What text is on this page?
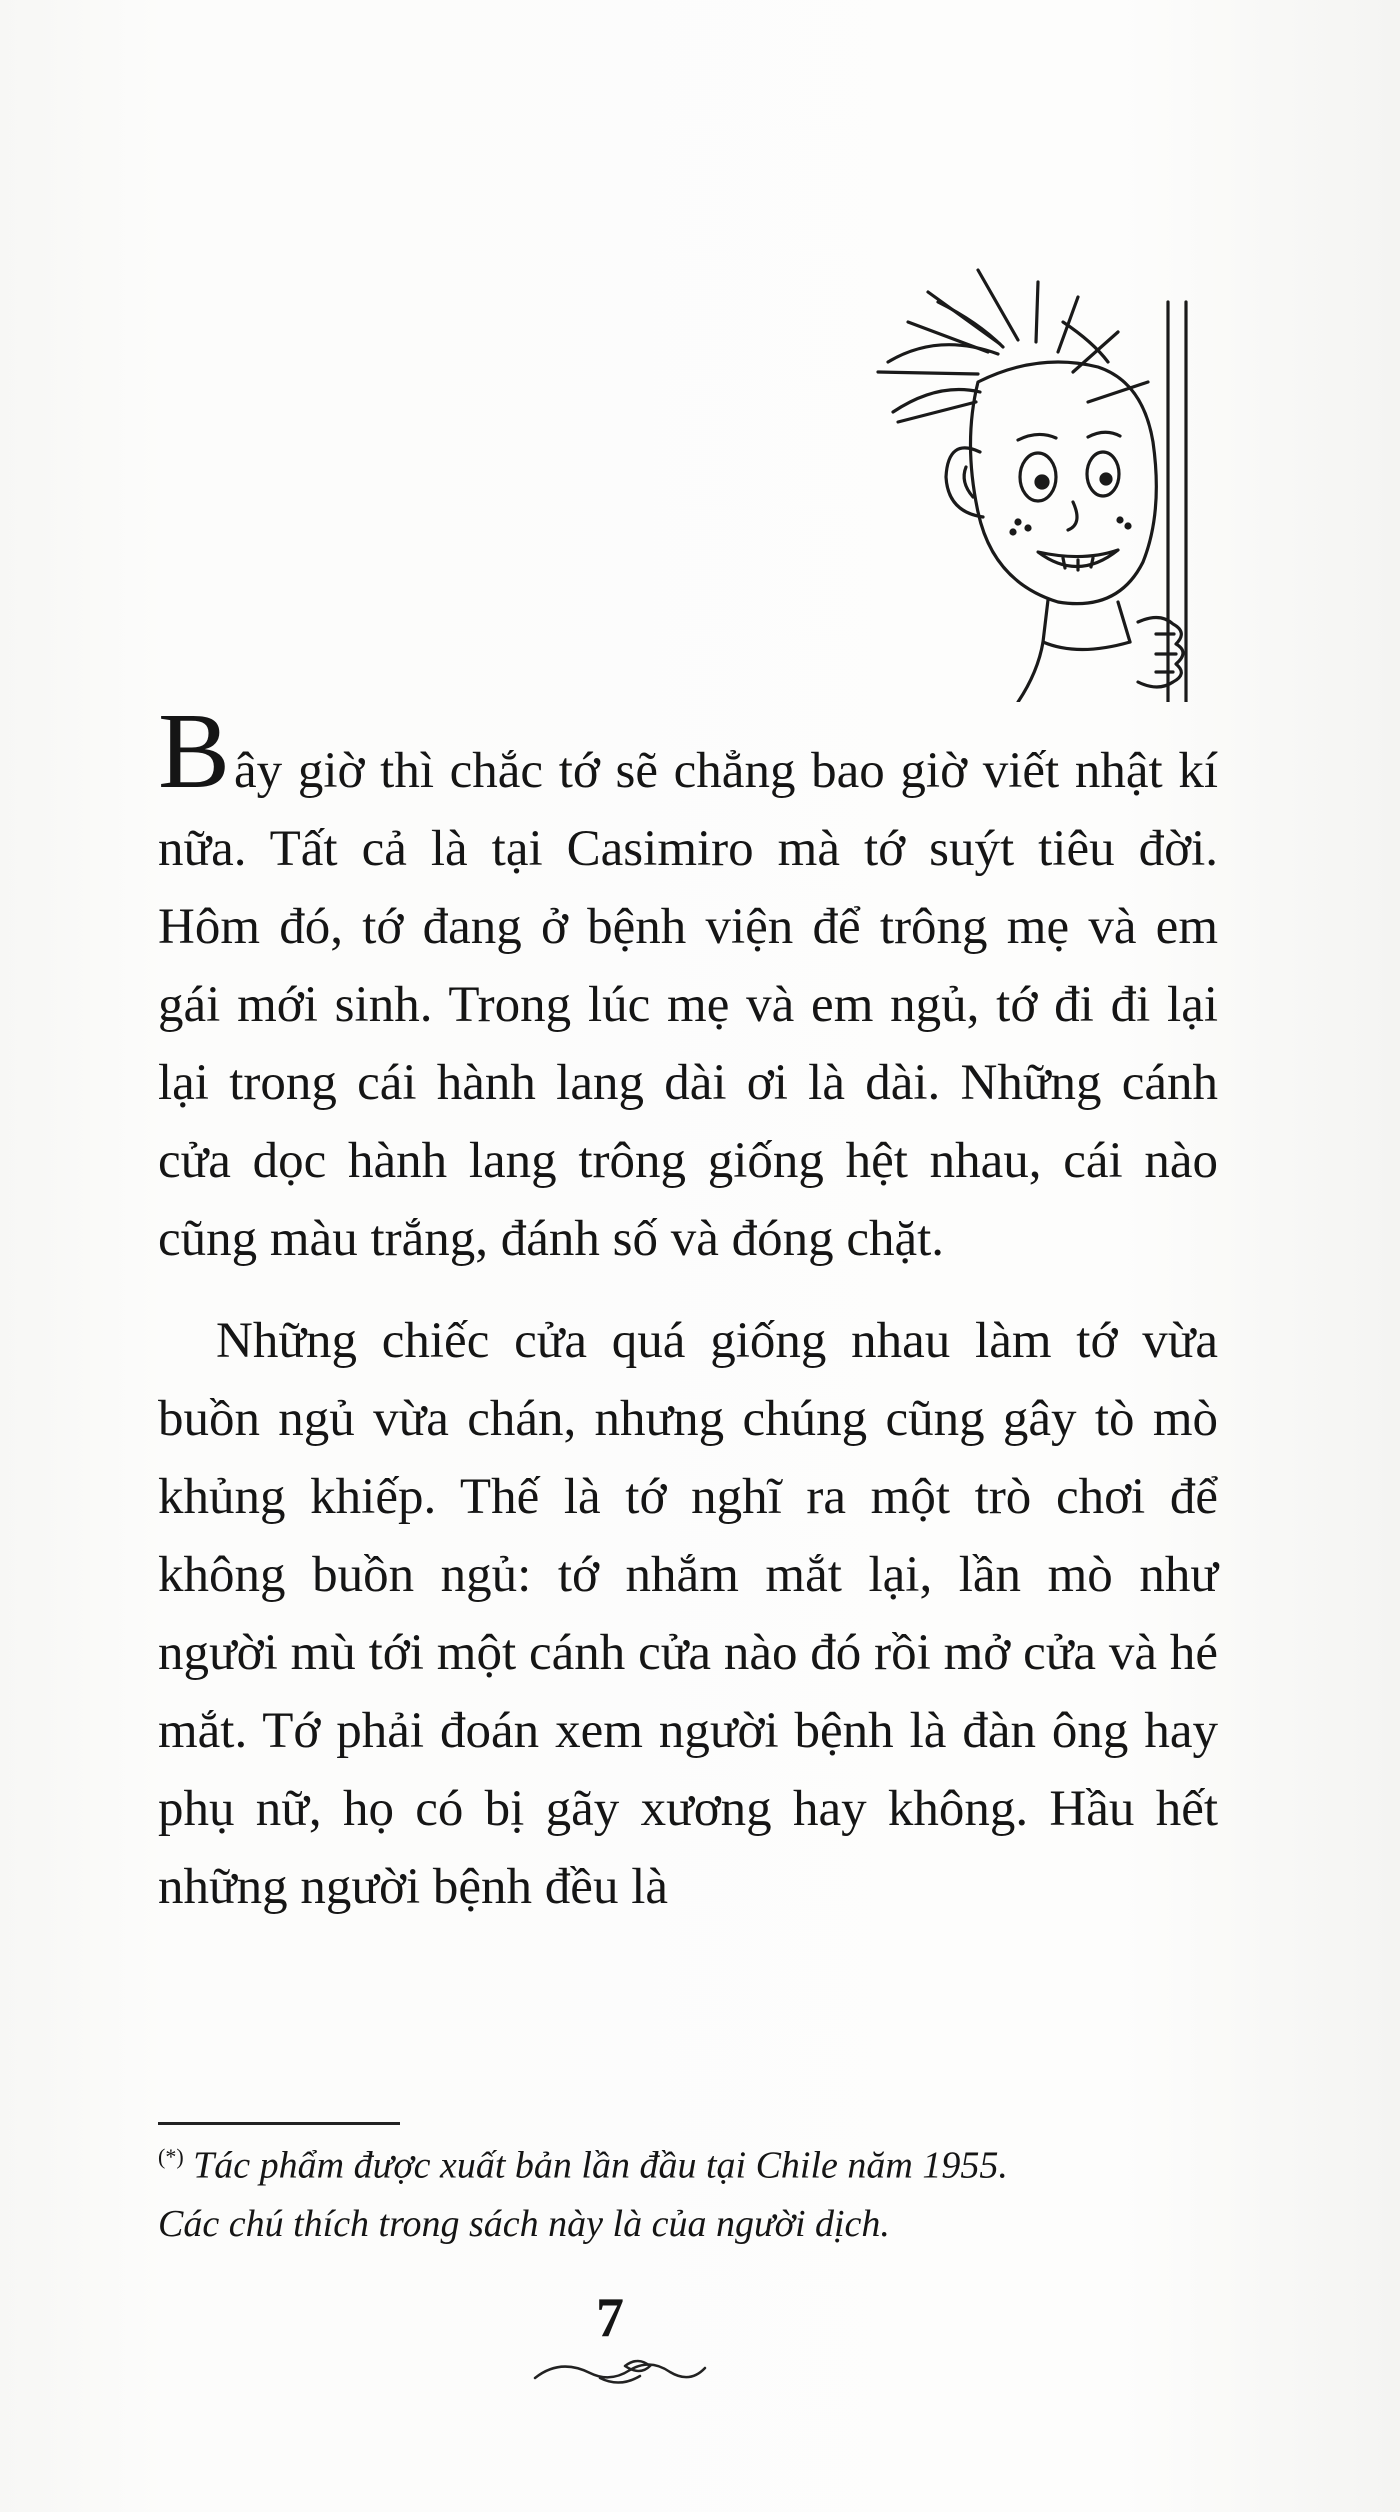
Bây giờ thì chắc tớ sẽ chẳng bao giờ viết nhật kí nữa. Tất cả là tại Casimiro mà tớ suýt tiêu đời. Hôm đó, tớ đang ở bệnh viện để trông mẹ và em gái mới sinh. Trong lúc mẹ và em ngủ, tớ đi đi lại lại trong cái hành lang dài ơi là dài. Những cánh cửa dọc hành lang trông giống hệt nhau, cái nào cũng màu trắng, đánh số và đóng chặt.

Những chiếc cửa quá giống nhau làm tớ vừa buồn ngủ vừa chán, nhưng chúng cũng gây tò mò khủng khiếp. Thế là tớ nghĩ ra một trò chơi để không buồn ngủ: tớ nhắm mắt lại, lần mò như người mù tới một cánh cửa nào đó rồi mở cửa và hé mắt. Tớ phải đoán xem người bệnh là đàn ông hay phụ nữ, họ có bị gãy xương hay không. Hầu hết những người bệnh đều là

(*) Tác phẩm được xuất bản lần đầu tại Chile năm 1955.

Các chú thích trong sách này là của người dịch.

7
